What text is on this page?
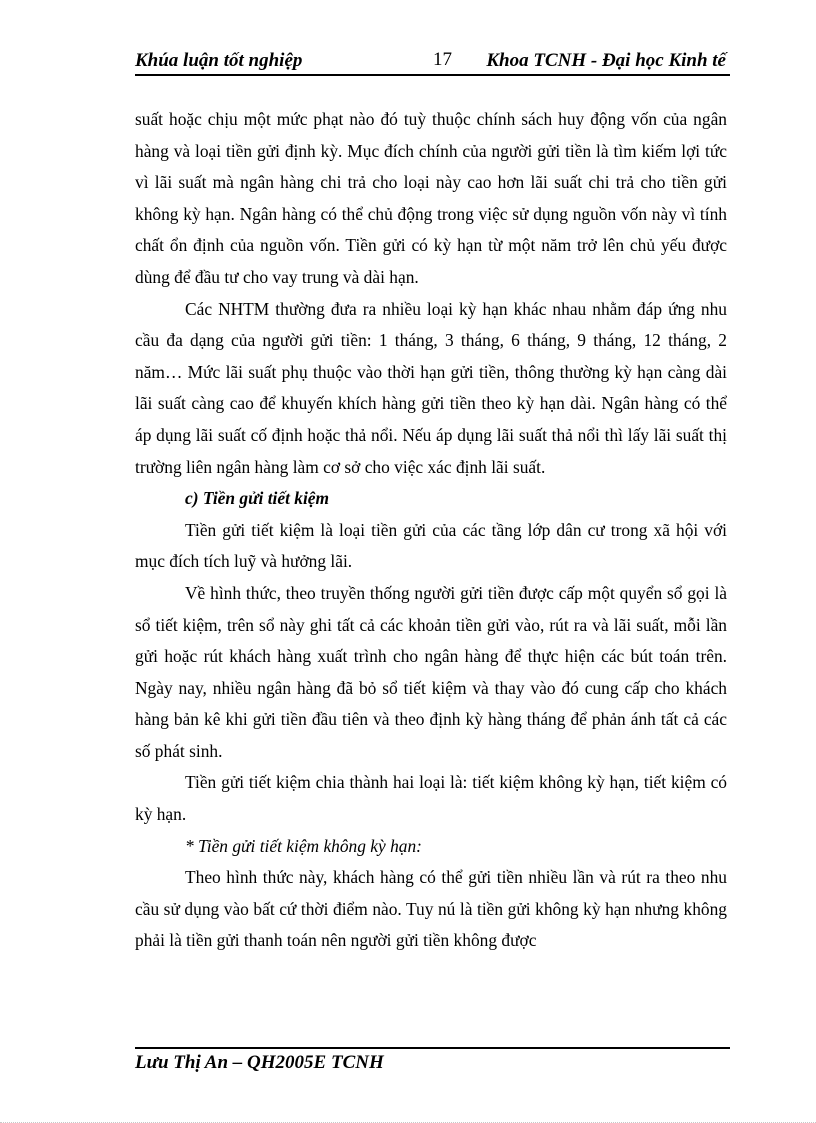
Khúa luận tốt nghiệp	17 Khoa TCNH - Đại học Kinh tế

suất hoặc chịu một mức phạt nào đó tuỳ thuộc chính sách huy động vốn của ngân hàng và loại tiền gửi định kỳ. Mục đích chính của người gửi tiền là tìm kiếm lợi tức vì lãi suất mà ngân hàng chi trả cho loại này cao hơn lãi suất chi trả cho tiền gửi không kỳ hạn. Ngân hàng có thể chủ động trong việc sử dụng nguồn vốn này vì tính chất ổn định của nguồn vốn. Tiền gửi có kỳ hạn từ một năm trở lên chủ yếu được dùng để đầu tư cho vay trung và dài hạn.

Các NHTM thường đưa ra nhiều loại kỳ hạn khác nhau nhằm đáp ứng nhu cầu đa dạng của người gửi tiền: 1 tháng, 3 tháng, 6 tháng, 9 tháng, 12 tháng, 2 năm… Mức lãi suất phụ thuộc vào thời hạn gửi tiền, thông thường kỳ hạn càng dài lãi suất càng cao để khuyến khích hàng gửi tiền theo kỳ hạn dài. Ngân hàng có thể áp dụng lãi suất cố định hoặc thả nổi. Nếu áp dụng lãi suất thả nổi thì lấy lãi suất thị trường liên ngân hàng làm cơ sở cho việc xác định lãi suất.

c) Tiền gửi tiết kiệm

Tiền gửi tiết kiệm là loại tiền gửi của các tầng lớp dân cư trong xã hội với mục đích tích luỹ và hưởng lãi.

Về hình thức, theo truyền thống người gửi tiền được cấp một quyển sổ gọi là sổ tiết kiệm, trên sổ này ghi tất cả các khoản tiền gửi vào, rút ra và lãi suất, mỗi lần gửi hoặc rút khách hàng xuất trình cho ngân hàng để thực hiện các bút toán trên. Ngày nay, nhiều ngân hàng đã bỏ sổ tiết kiệm và thay vào đó cung cấp cho khách hàng bản kê khi gửi tiền đầu tiên và theo định kỳ hàng tháng để phản ánh tất cả các số phát sinh.

Tiền gửi tiết kiệm chia thành hai loại là: tiết kiệm không kỳ hạn, tiết kiệm có kỳ hạn.

* Tiền gửi tiết kiệm không kỳ hạn:

Theo hình thức này, khách hàng có thể gửi tiền nhiều lần và rút ra theo nhu cầu sử dụng vào bất cứ thời điểm nào. Tuy nú là tiền gửi không kỳ hạn nhưng không phải là tiền gửi thanh toán nên người gửi tiền không được

Lưu Thị An – QH2005E TCNH
